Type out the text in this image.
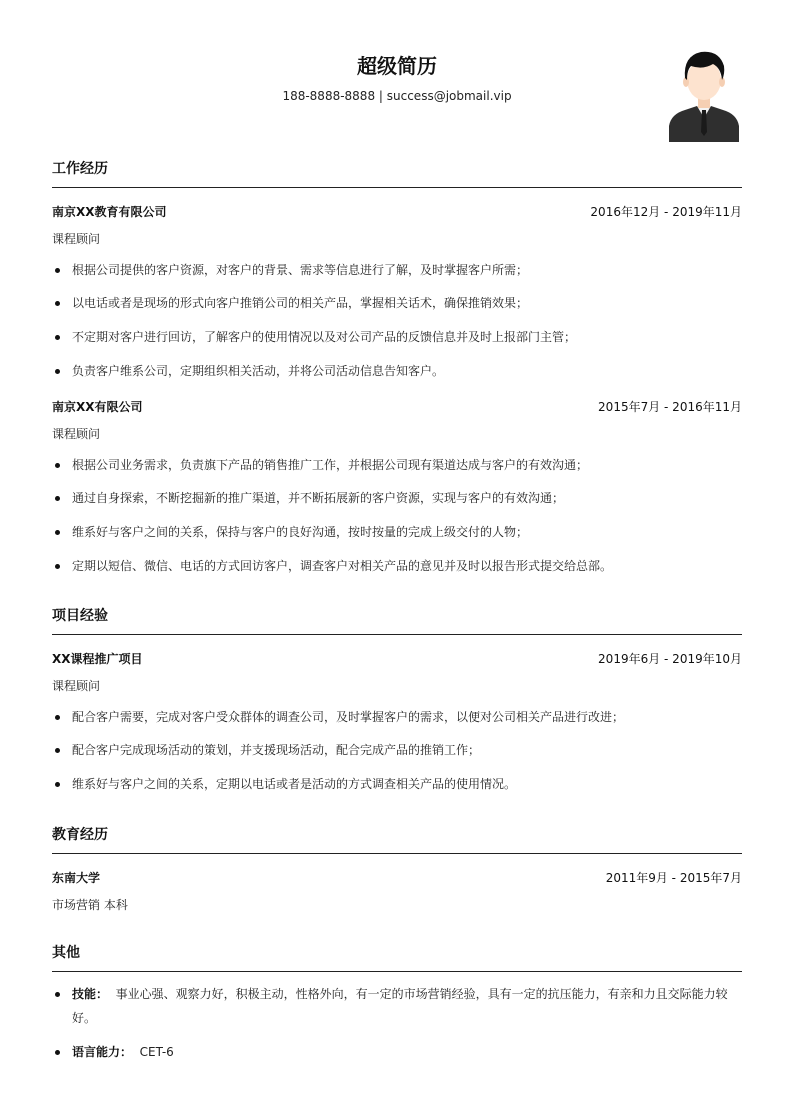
超级简历
188-8888-8888 | success@jobmail.vip
工作经历
南京XX教育有限公司	2016年12月 - 2019年11月
课程顾问
根据公司提供的客户资源，对客户的背景、需求等信息进行了解，及时掌握客户所需；
以电话或者是现场的形式向客户推销公司的相关产品，掌握相关话术，确保推销效果；
不定期对客户进行回访，了解客户的使用情况以及对公司产品的反馈信息并及时上报部门主管；
负责客户维系公司，定期组织相关活动，并将公司活动信息告知客户。
南京XX有限公司	2015年7月 - 2016年11月
课程顾问
根据公司业务需求，负责旗下产品的销售推广工作，并根据公司现有渠道达成与客户的有效沟通；
通过自身探索，不断挖掘新的推广渠道，并不断拓展新的客户资源，实现与客户的有效沟通；
维系好与客户之间的关系，保持与客户的良好沟通，按时按量的完成上级交付的人物；
定期以短信、微信、电话的方式回访客户，调查客户对相关产品的意见并及时以报告形式提交给总部。
项目经验
XX课程推广项目	2019年6月 - 2019年10月
课程顾问
配合客户需要，完成对客户受众群体的调查公司，及时掌握客户的需求，以便对公司相关产品进行改进；
配合客户完成现场活动的策划，并支援现场活动，配合完成产品的推销工作；
维系好与客户之间的关系，定期以电话或者是活动的方式调查相关产品的使用情况。
教育经历
东南大学	2011年9月 - 2015年7月
市场营销 本科
其他
技能： 事业心强、观察力好，积极主动，性格外向，有一定的市场营销经验，具有一定的抗压能力，有亲和力且交际能力较好。
语言能力： CET-6
